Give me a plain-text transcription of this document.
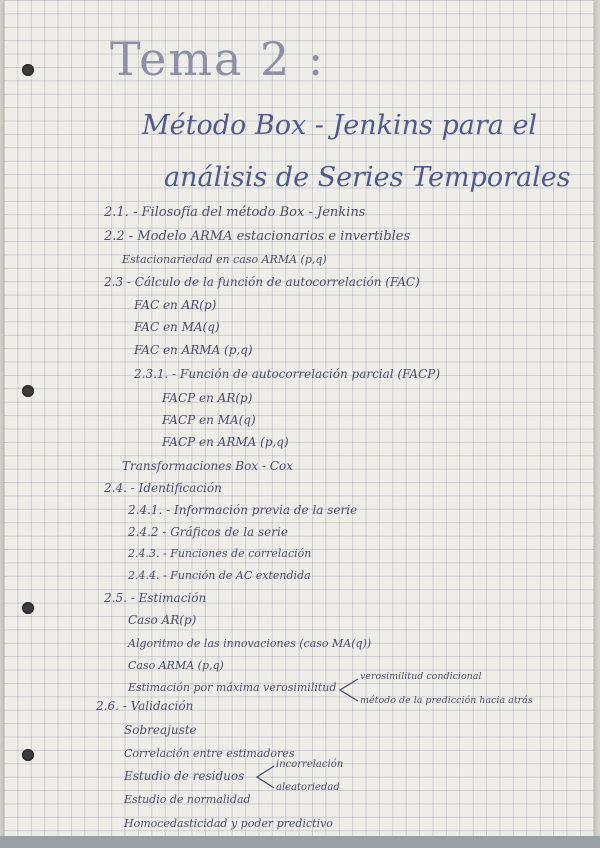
Tema 2 :
Método Box - Jenkins para el
análisis de Series Temporales
2.1. - Filosofía del método Box - Jenkins
2.2 - Modelo ARMA estacionarios e invertibles
Estacionariedad en caso ARMA (p,q)
2.3 - Cálculo de la función de autocorrelación (FAC)
FAC en AR(p)
FAC en MA(q)
FAC en ARMA (p,q)
2.3.1. - Función de autocorrelación parcial (FACP)
FACP en AR(p)
FACP en MA(q)
FACP en ARMA (p,q)
Transformaciones Box - Cox
2.4. - Identificación
2.4.1. - Información previa de la serie
2.4.2 - Gráficos de la serie
2.4.3. - Funciones de correlación
2.4.4. - Función de AC extendida
2.5. - Estimación
Caso AR(p)
Algoritmo de las innovaciones (caso MA(q))
Caso ARMA (p,q)
Estimación por máxima verosimilitud
verosimilitud condicional
método de la predicción hacia atrás
2.6. - Validación
Sobreajuste
Correlación entre estimadores
Estudio de residuos
incorrelación
aleatoriedad
Estudio de normalidad
Homocedasticidad y poder predictivo
